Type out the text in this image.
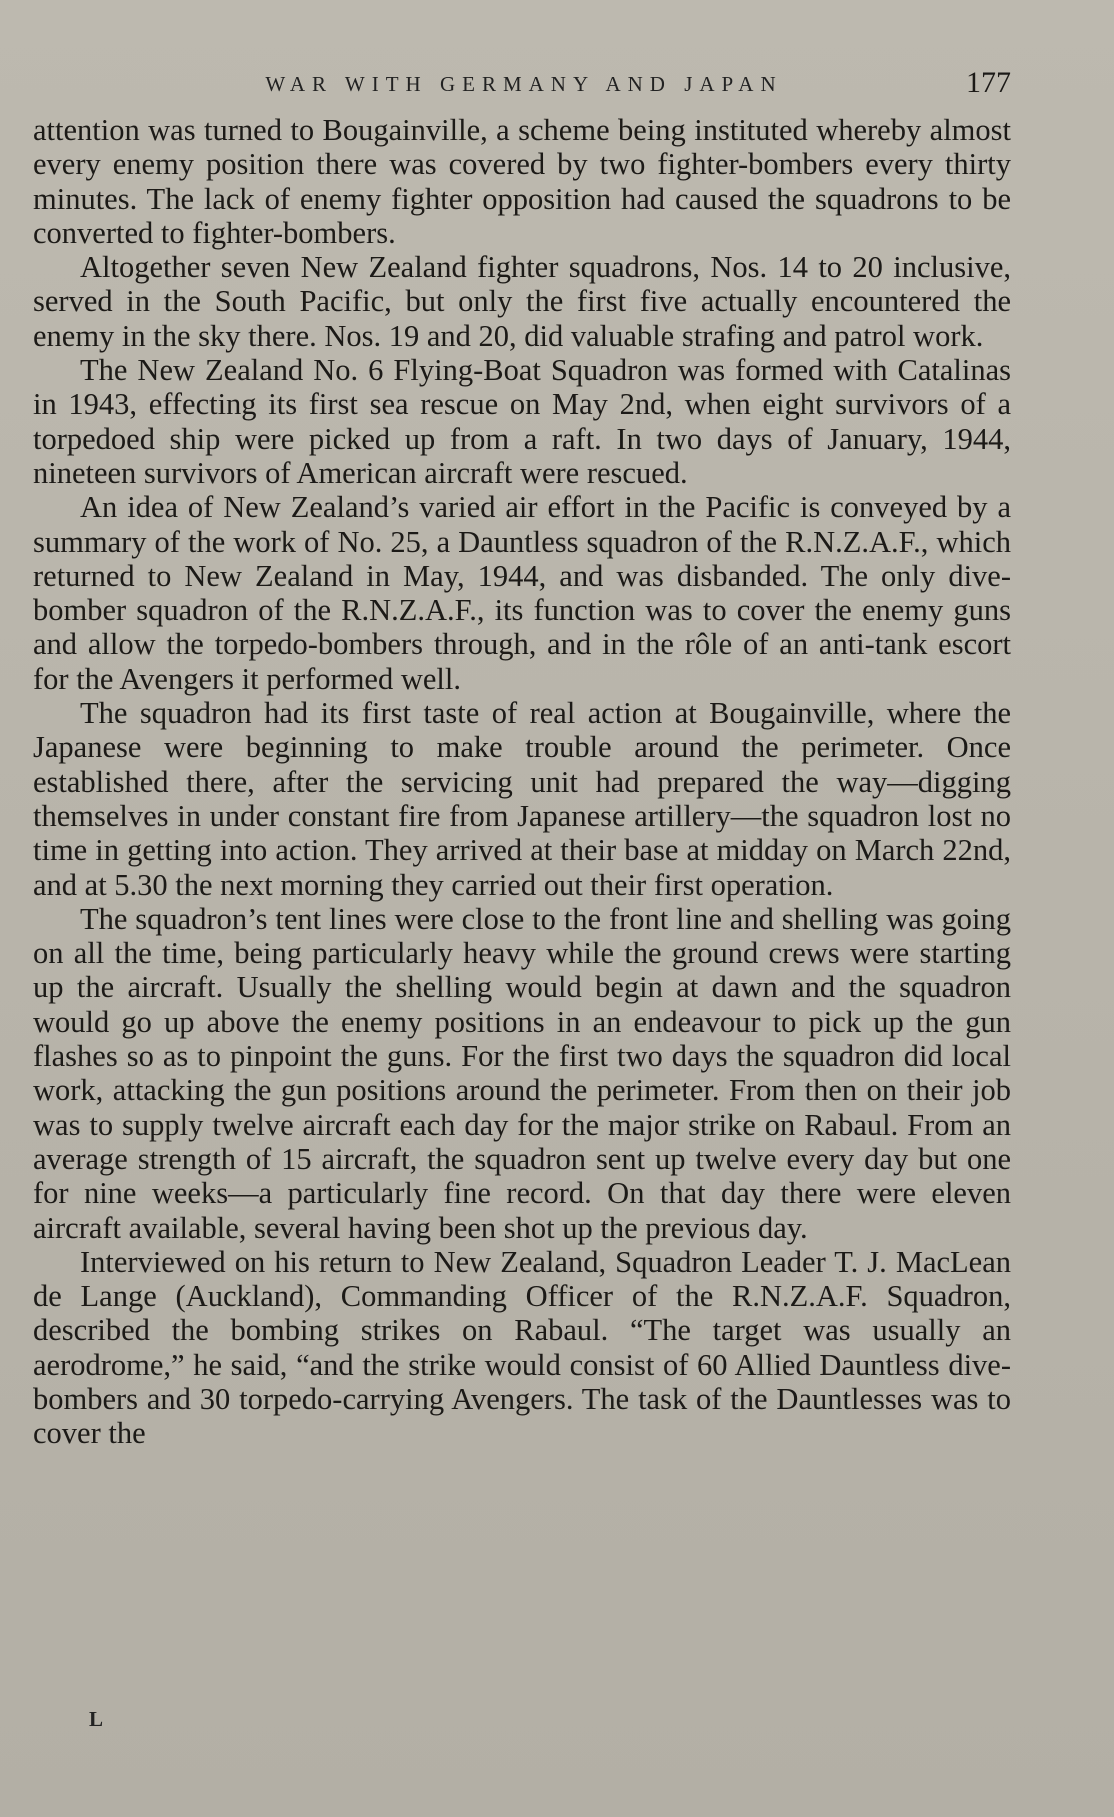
WAR WITH GERMANY AND JAPAN	177

attention was turned to Bougainville, a scheme being instituted whereby almost every enemy position there was covered by two fighter-bombers every thirty minutes. The lack of enemy fighter opposition had caused the squadrons to be converted to fighter-bombers.

Altogether seven New Zealand fighter squadrons, Nos. 14 to 20 inclusive, served in the South Pacific, but only the first five actually encountered the enemy in the sky there. Nos. 19 and 20, did valuable strafing and patrol work.

The New Zealand No. 6 Flying-Boat Squadron was formed with Catalinas in 1943, effecting its first sea rescue on May 2nd, when eight survivors of a torpedoed ship were picked up from a raft. In two days of January, 1944, nineteen survivors of American aircraft were rescued.

An idea of New Zealand’s varied air effort in the Pacific is conveyed by a summary of the work of No. 25, a Dauntless squadron of the R.N.Z.A.F., which returned to New Zealand in May, 1944, and was disbanded. The only dive-bomber squadron of the R.N.Z.A.F., its function was to cover the enemy guns and allow the torpedo-bombers through, and in the rôle of an anti-tank escort for the Avengers it performed well.

The squadron had its first taste of real action at Bougainville, where the Japanese were beginning to make trouble around the perimeter. Once established there, after the servicing unit had prepared the way—digging themselves in under constant fire from Japanese artillery—the squadron lost no time in getting into action. They arrived at their base at midday on March 22nd, and at 5.30 the next morning they carried out their first operation.

The squadron’s tent lines were close to the front line and shelling was going on all the time, being particularly heavy while the ground crews were starting up the aircraft. Usually the shelling would begin at dawn and the squadron would go up above the enemy positions in an endeavour to pick up the gun flashes so as to pinpoint the guns. For the first two days the squadron did local work, attacking the gun positions around the perimeter. From then on their job was to supply twelve aircraft each day for the major strike on Rabaul. From an average strength of 15 aircraft, the squadron sent up twelve every day but one for nine weeks—a particularly fine record. On that day there were eleven aircraft available, several having been shot up the previous day.

Interviewed on his return to New Zealand, Squadron Leader T. J. MacLean de Lange (Auckland), Commanding Officer of the R.N.Z.A.F. Squadron, described the bombing strikes on Rabaul. “The target was usually an aerodrome,” he said, “and the strike would consist of 60 Allied Dauntless dive-bombers and 30 torpedo-carrying Avengers. The task of the Dauntlesses was to cover the

L
